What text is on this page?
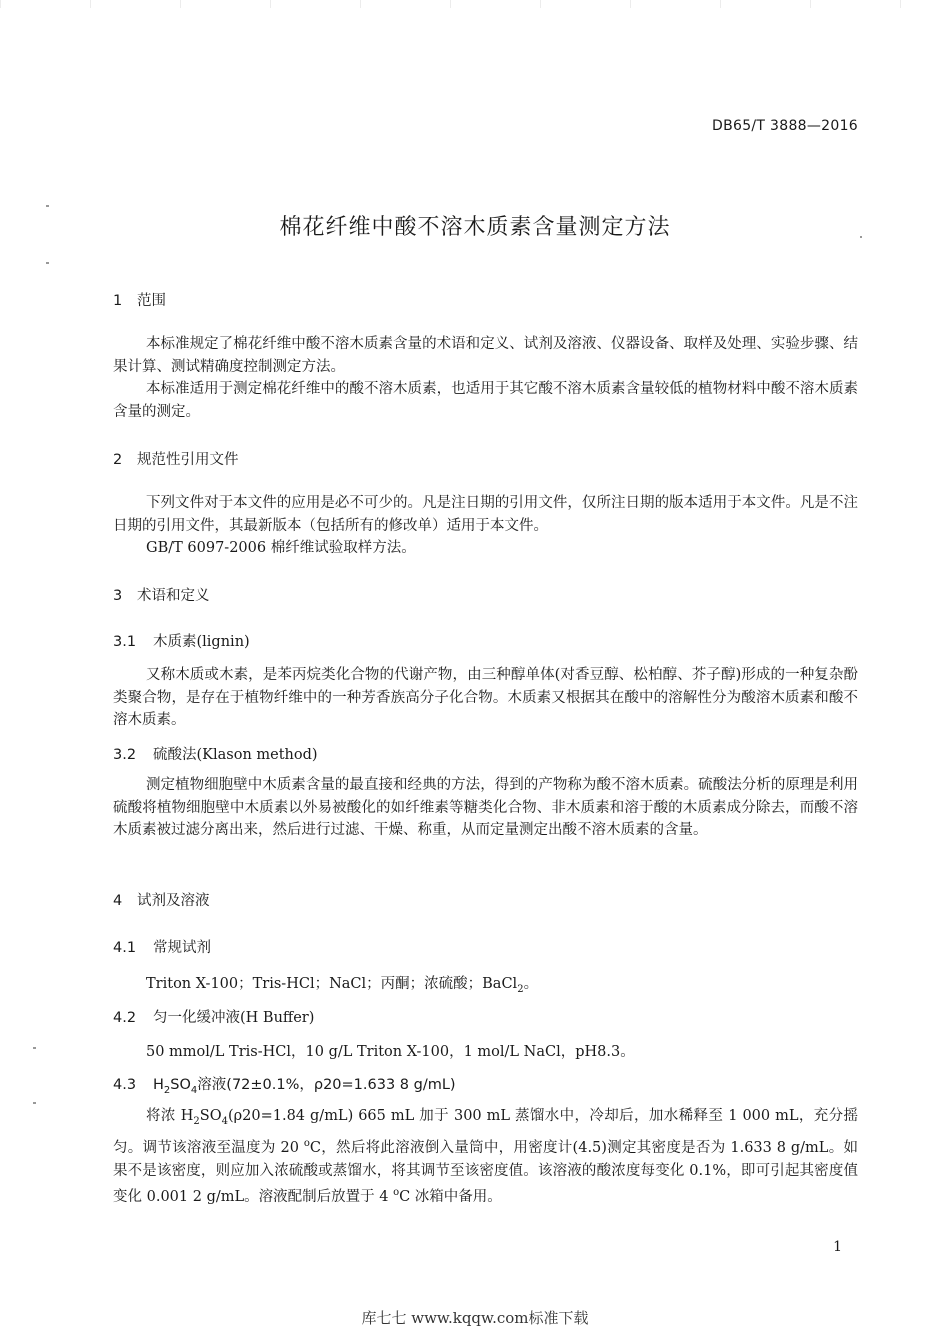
DB65/T 3888—2016
棉花纤维中酸不溶木质素含量测定方法
1 范围

本标准规定了棉花纤维中酸不溶木质素含量的术语和定义、试剂及溶液、仪器设备、取样及处理、实验步骤、结果计算、测试精确度控制测定方法。

本标准适用于测定棉花纤维中的酸不溶木质素，也适用于其它酸不溶木质素含量较低的植物材料中酸不溶木质素含量的测定。

2 规范性引用文件

下列文件对于本文件的应用是必不可少的。凡是注日期的引用文件，仅所注日期的版本适用于本文件。凡是不注日期的引用文件，其最新版本（包括所有的修改单）适用于本文件。

GB/T 6097-2006 棉纤维试验取样方法。

3 术语和定义
3.1 木质素(lignin)

又称木质或木素，是苯丙烷类化合物的代谢产物，由三种醇单体(对香豆醇、松柏醇、芥子醇)形成的一种复杂酚类聚合物，是存在于植物纤维中的一种芳香族高分子化合物。木质素又根据其在酸中的溶解性分为酸溶木质素和酸不溶木质素。

3.2 硫酸法(Klason method)

测定植物细胞壁中木质素含量的最直接和经典的方法，得到的产物称为酸不溶木质素。硫酸法分析的原理是利用硫酸将植物细胞壁中木质素以外易被酸化的如纤维素等糖类化合物、非木质素和溶于酸的木质素成分除去，而酸不溶木质素被过滤分离出来，然后进行过滤、干燥、称重，从而定量测定出酸不溶木质素的含量。

4 试剂及溶液
4.1 常规试剂
Triton X-100；Tris-HCl；NaCl；丙酮；浓硫酸；BaCl$_2$。
4.2 匀一化缓冲液(H Buffer)
50 mmol/L Tris-HCl，10 g/L Triton X-100，1 mol/L NaCl，pH8.3。
4.3 $H_2SO_4$溶液(72±0.1%，ρ20=1.633 8 g/mL)

将浓 $H_2SO_4(\rho 20=1.84$ g/mL) 665 mL 加于 300 mL 蒸馏水中，冷却后，加水稀释至 1 000 mL，充分摇匀。调节该溶液至温度为 20 $^o$C，然后将此溶液倒入量筒中，用密度计(4.5)测定其密度是否为 1.633 8 g/mL。如果不是该密度，则应加入浓硫酸或蒸馏水，将其调节至该密度值。该溶液的酸浓度每变化 0.1%，即可引起其密度值变化 0.001 2 g/mL。溶液配制后放置于 4 $^o$C 冰箱中备用。

1
库七七 www.kqqw.com标准下载
